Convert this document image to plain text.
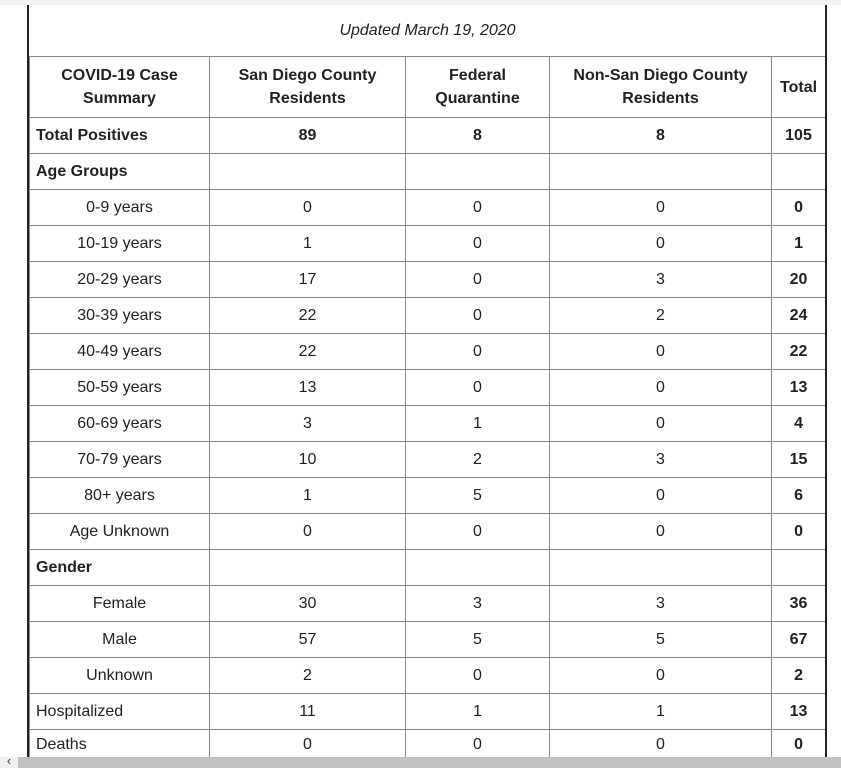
Updated March 19, 2020				
COVID-19 Case Summary	San Diego County Residents	Federal Quarantine	Non-San Diego County Residents	Total
Total Positives	89	8	8	105
Age Groups				
0-9 years	0	0	0	0
10-19 years	1	0	0	1
20-29 years	17	0	3	20
30-39 years	22	0	2	24
40-49 years	22	0	0	22
50-59 years	13	0	0	13
60-69 years	3	1	0	4
70-79 years	10	2	3	15
80+ years	1	5	0	6
Age Unknown	0	0	0	0
Gender				
Female	30	3	3	36
Male	57	5	5	67
Unknown	2	0	0	2
Hospitalized	11	1	1	13
Deaths	0	0	0	0
‹
